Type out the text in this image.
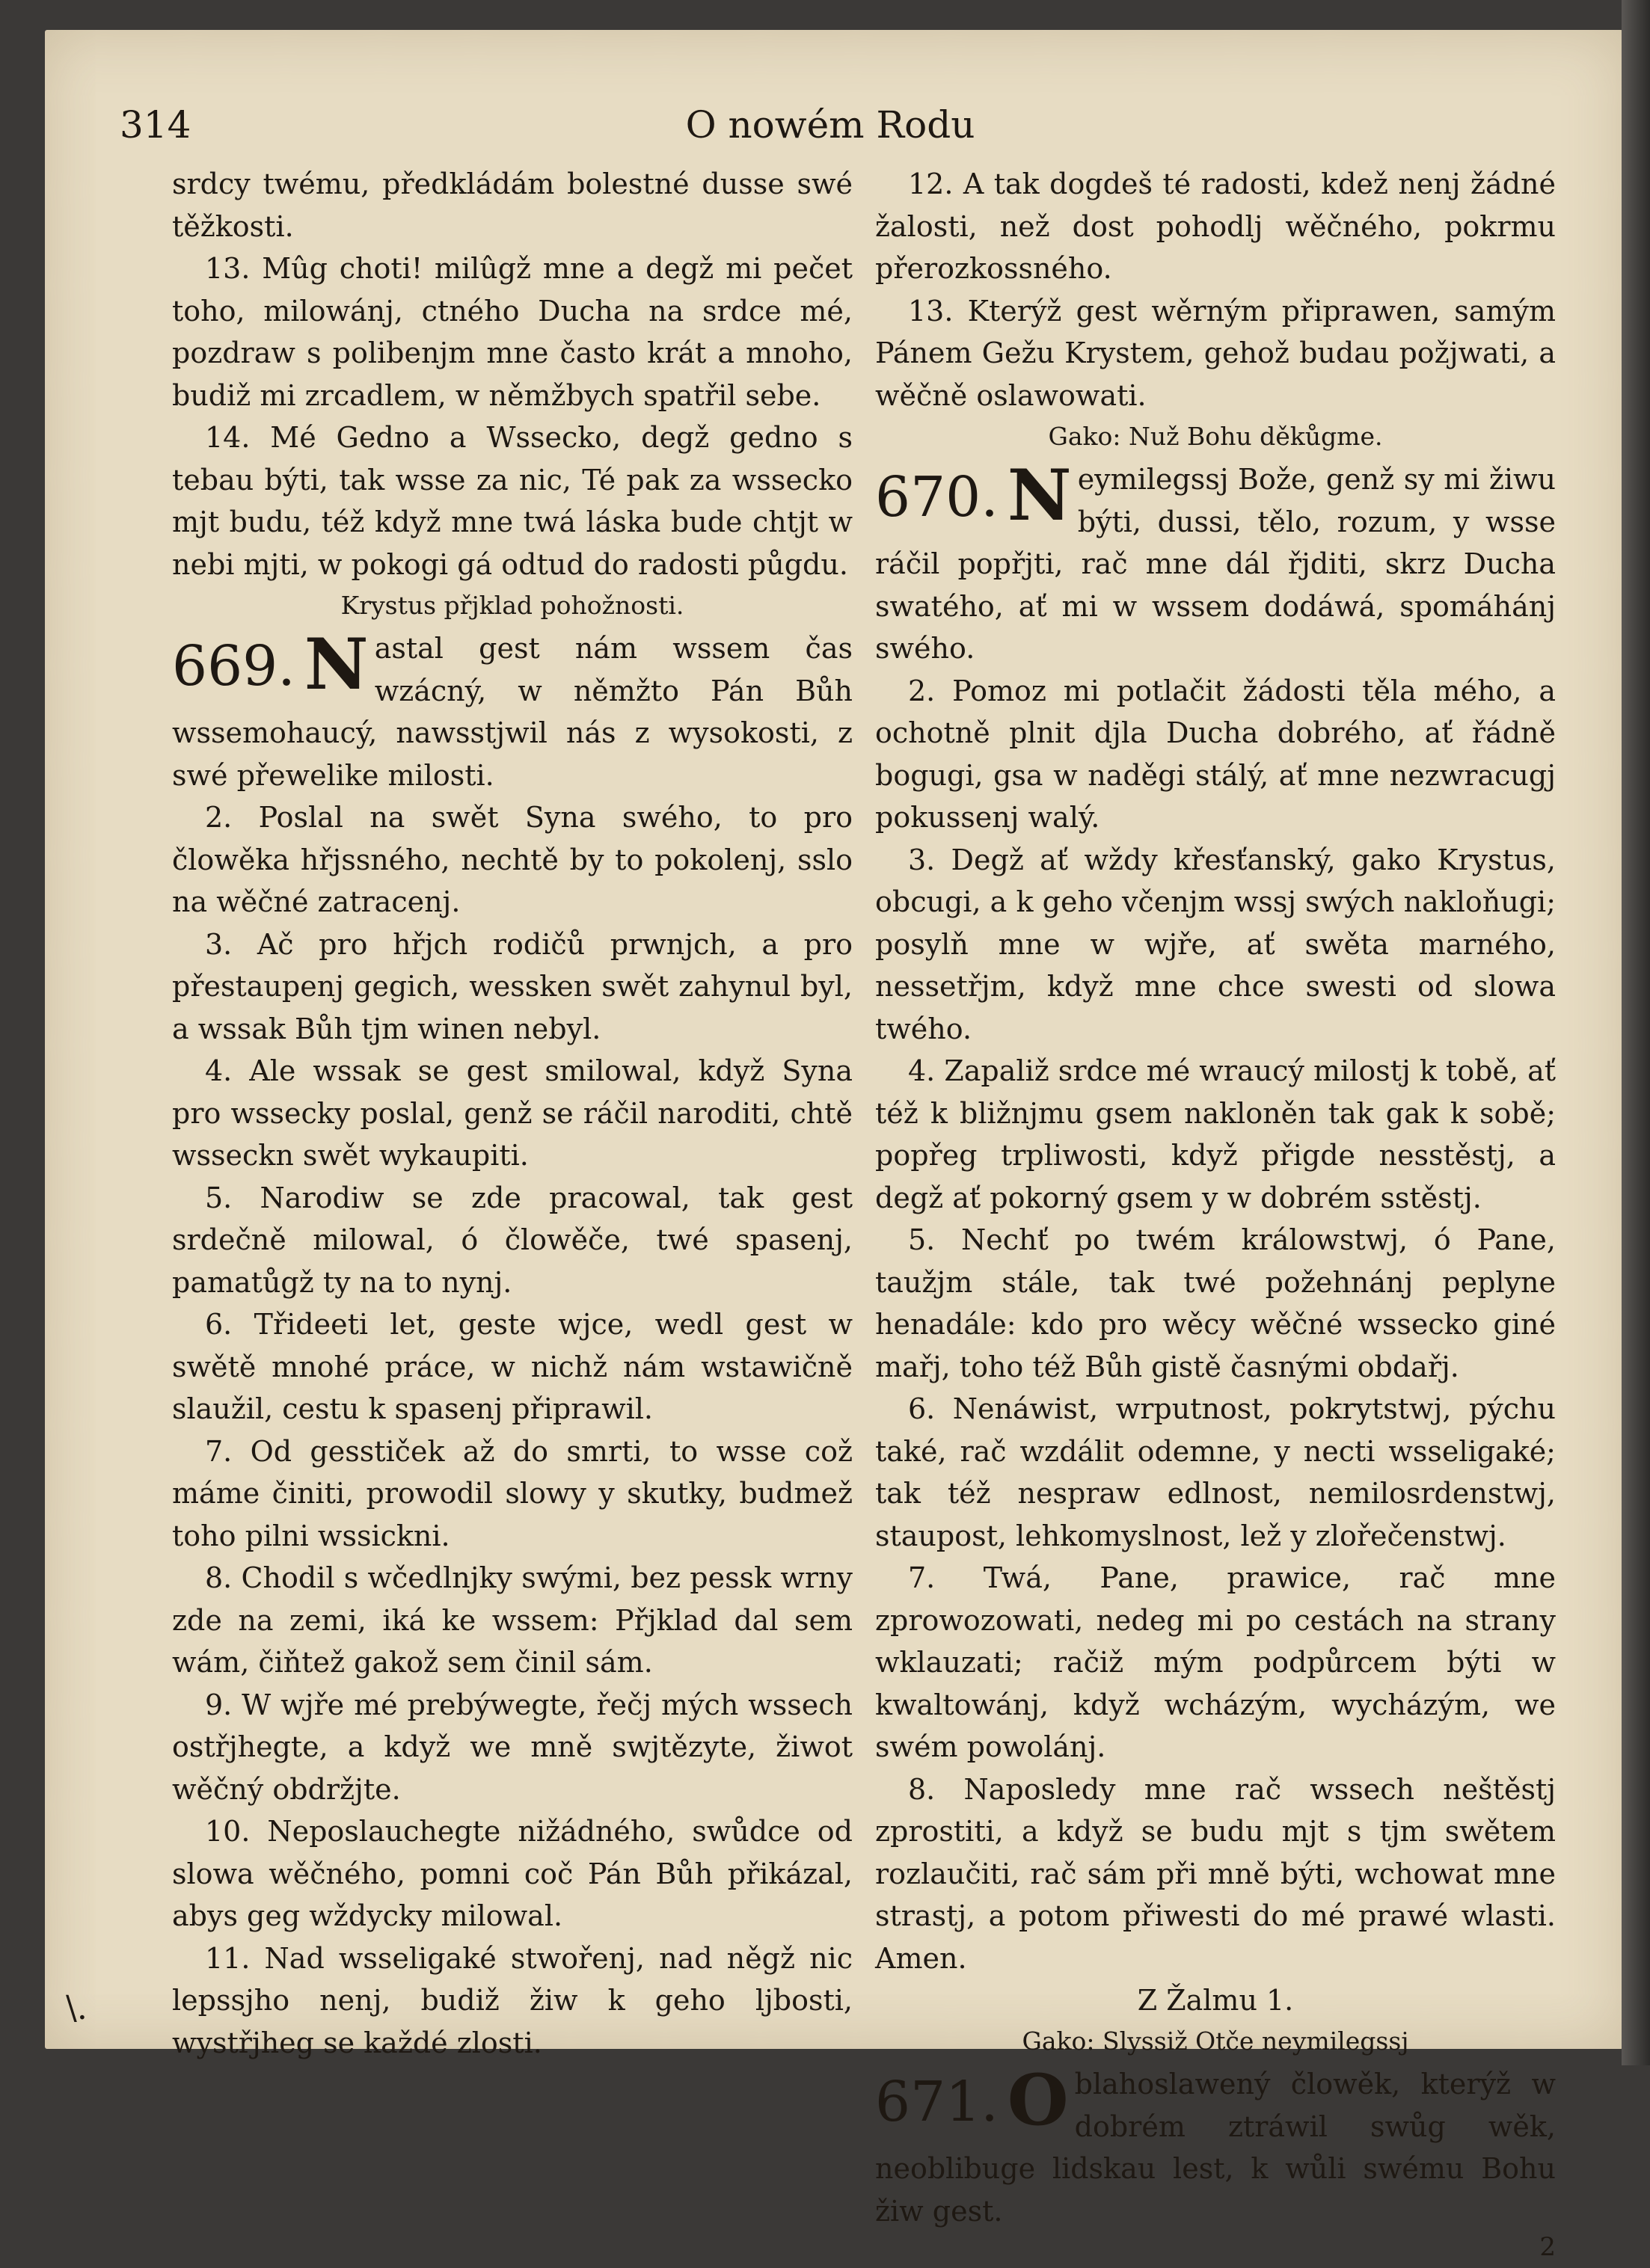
314	O nowém Rodu

srdcy twému, předkládám bolestné dusse swé těžkosti.

13. Mûg choti! milûgž mne a degž mi pečet toho, milowánj, ctného Ducha na srdce mé, pozdraw s polibenjm mne často krát a mnoho, budiž mi zrcadlem, w němžbych spatřil sebe.

14. Mé Gedno a Wssecko, degž gedno s tebau býti, tak wsse za nic, Té pak za wssecko mjt budu, též když mne twá láska bude chtjt w nebi mjti, w pokogi gá odtud do radosti půgdu.

Krystus přjklad pohožnosti.

669. N astal gest nám wssem čas wzácný, w němžto Pán Bůh wssemohaucý, nawsstjwil nás z wysokosti, z swé přewelike milosti.

2. Poslal na swět Syna swého, to pro člowěka hřjssného, nechtě by to pokolenj, sslo na wěčné zatracenj.

3. Ač pro hřjch rodičů prwnjch, a pro přestaupenj gegich, wessken swět zahynul byl, a wssak Bůh tjm winen nebyl.

4. Ale wssak se gest smilowal, když Syna pro wssecky poslal, genž se ráčil naroditi, chtě wsseckn swět wykaupiti.

5. Narodiw se zde pracowal, tak gest srdečně milowal, ó člowěče, twé spasenj, pamatůgž ty na to nynj.

6. Třideeti let, geste wjce, wedl gest w swětě mnohé práce, w nichž nám wstawičně slaužil, cestu k spasenj připrawil.

7. Od gesstiček až do smrti, to wsse což máme činiti, prowodil slowy y skutky, budmež toho pilni wssickni.

8. Chodil s wčedlnjky swými, bez pessk wrny zde na zemi, iká ke wssem: Přjklad dal sem wám, čiňtež gakož sem činil sám.

9. W wjře mé prebýwegte, řečj mých wssech ostřjhegte, a když we mně swjtězyte, žiwot wěčný obdržjte.

10. Neposlauchegte nižádného, swůdce od slowa wěčného, pomni coč Pán Bůh přikázal, abys geg wždycky milowal.

11. Nad wsseligaké stwořenj, nad něgž nic lepssjho nenj, budiž žiw k geho ljbosti, wystřjheg se každé zlosti.

12. A tak dogdeš té radosti, kdež nenj žádné žalosti, než dost pohodlj wěčného, pokrmu přerozkossného.

13. Kterýž gest wěrným připrawen, samým Pánem Gežu Krystem, gehož budau požjwati, a wěčně oslawowati.

Gako: Nuž Bohu děkůgme.

670. N eymilegssj Bože, genž sy mi žiwu býti, dussi, tělo, rozum, y wsse ráčil popřjti, rač mne dál řjditi, skrz Ducha swatého, ať mi w wssem dodáwá, spomáhánj swého.

2. Pomoz mi potlačit žádosti těla mého, a ochotně plnit djla Ducha dobrého, ať řádně bogugi, gsa w naděgi stálý, ať mne nezwracugj pokussenj walý.

3. Degž ať wždy křesťanský, gako Krystus, obcugi, a k geho včenjm wssj swých nakloňugi; posylň mne w wjře, ať swěta marného, nessetřjm, když mne chce swesti od slowa twého.

4. Zapaliž srdce mé wraucý milostj k tobě, ať též k bližnjmu gsem nakloněn tak gak k sobě; popřeg trpliwosti, když přigde nesstěstj, a degž ať pokorný gsem y w dobrém sstěstj.

5. Nechť po twém králowstwj, ó Pane, taužjm stále, tak twé požehnánj peplyne henadále: kdo pro wěcy wěčné wssecko giné mařj, toho též Bůh gistě časnými obdařj.

6. Nenáwist, wrputnost, pokrytstwj, pýchu také, rač wzdálit odemne, y necti wsseligaké; tak též nespraw edlnost, nemilosrdenstwj, staupost, lehkomyslnost, lež y zlořečenstwj.

7. Twá, Pane, prawice, rač mne zprowozowati, nedeg mi po cestách na strany wklauzati; račiž mým podpůrcem býti w kwaltowánj, když wcházým, wycházým, we swém powolánj.

8. Naposledy mne rač wssech neštěstj zprostiti, a když se budu mjt s tjm swětem rozlaučiti, rač sám při mně býti, wchowat mne strastj, a potom přiwesti do mé prawé wlasti. Amen.

Z Žalmu 1.

Gako: Slyssiž Otče neymilegssj

671. O blahoslawený člowěk, kterýž w dobrém ztráwil swůg wěk, neoblibuge lidskau lest, k wůli swému Bohu žiw gest.

2
\.
